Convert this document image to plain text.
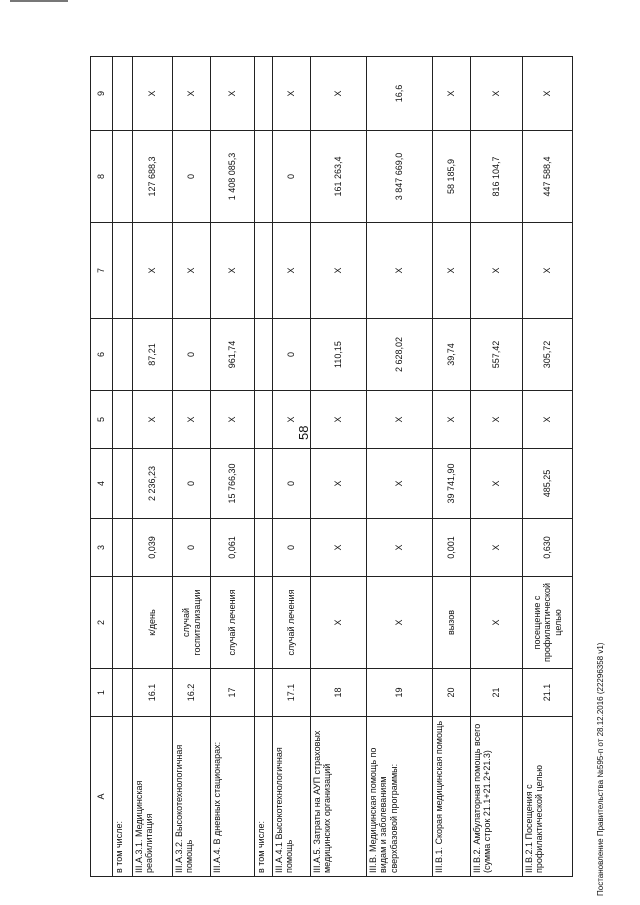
58
A	1	2	3	4	5	6	7	8	9
в том числе:									
III.A.3.1. Медицинская реабилитация	16.1	к/день	0,039	2 236,23	X	87,21	X	127 688,3	X
III.A.3.2. Высокотехнологичная помощь	16.2	случай госпитализации	0	0	X	0	X	0	X
III.A.4. В дневных стационарах:	17	случай лечения	0,061	15 766,30	X	961,74	X	1 408 085,3	X
в том числе:									
III.A.4.1 Высокотехнологичная помощь	17.1	случай лечения	0	0	X	0	X	0	X
III.A.5. Затраты на АУП страховых медицинских организаций	18	X	X	X	X	110,15	X	161 263,4	X
III.B. Медицинская помощь по видам и заболеваниям сверхбазовой программы:	19	X	X	X	X	2 628,02	X	3 847 669,0	16,6
III.B.1. Скорая медицинская помощь	20	вызов	0,001	39 741,90	X	39,74	X	58 185,9	X
III.B.2. Амбулаторная помощь всего (сумма строк 21.1+21.2+21.3)	21	X	X	X	X	557,42	X	816 104,7	X
III.B.2.1 Посещения с профилактической целью	21.1	посещение с профилактической целью	0,630	485,25	X	305,72	X	447 588,4	X
Постановление Правительства №595-п от 28.12.2016 (22296358 v1)
